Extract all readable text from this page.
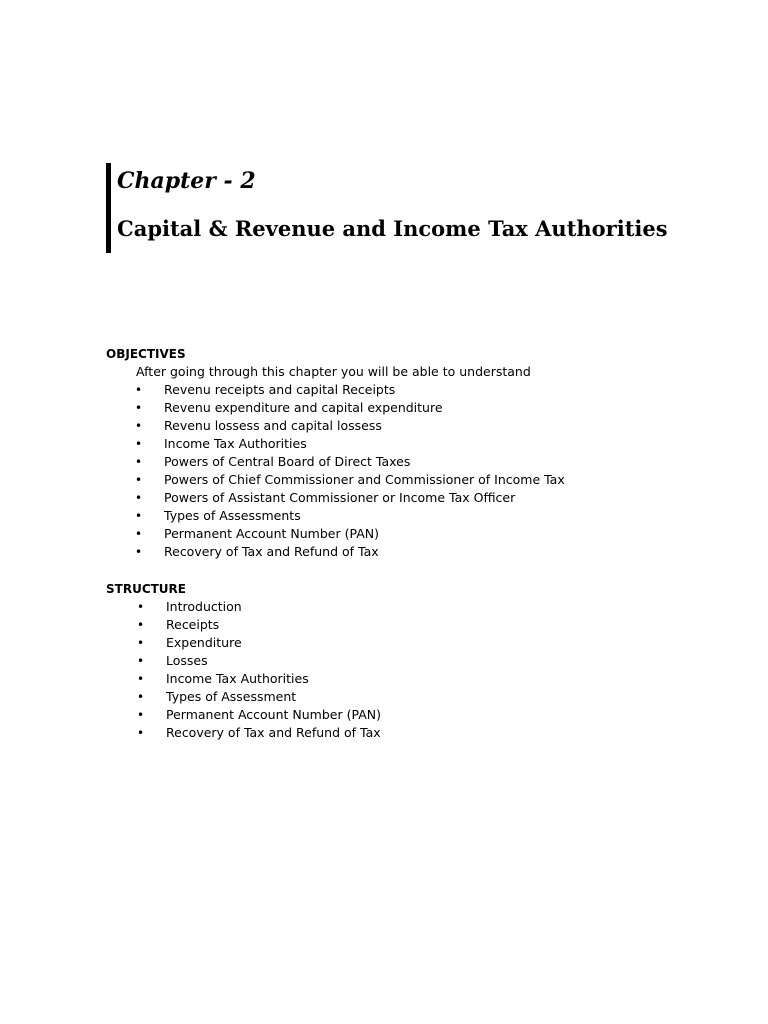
Chapter - 2
Capital & Revenue and Income Tax Authorities
OBJECTIVES
After going through this chapter you will be able to understand
• Revenu receipts and capital Receipts
• Revenu expenditure and capital expenditure
• Revenu lossess and capital lossess
• Income Tax Authorities
• Powers of Central Board of Direct Taxes
• Powers of Chief Commissioner and Commissioner of Income Tax
• Powers of Assistant Commissioner or Income Tax Officer
• Types of Assessments
• Permanent Account Number (PAN)
• Recovery of Tax and Refund of Tax
STRUCTURE
• Introduction
• Receipts
• Expenditure
• Losses
• Income Tax Authorities
• Types of Assessment
• Permanent Account Number (PAN)
• Recovery of Tax and Refund of Tax
